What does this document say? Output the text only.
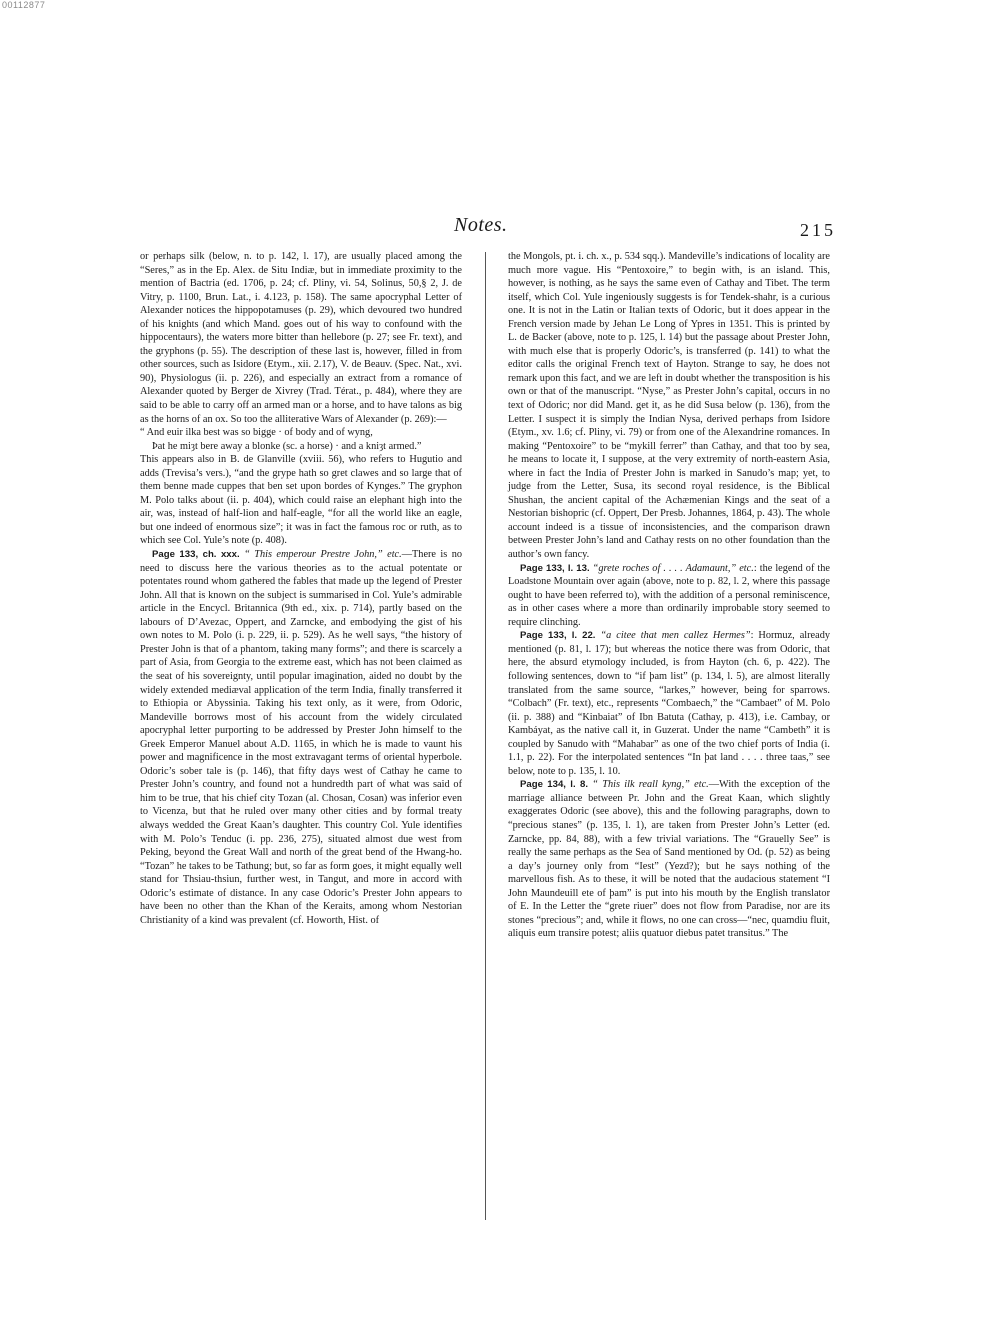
00112877
Notes.	215

or perhaps silk (below, n. to p. 142, l. 17), are usually placed among the “Seres,” as in the Ep. Alex. de Situ Indiæ, but in immediate proximity to the mention of Bactria (ed. 1706, p. 24; cf. Pliny, vi. 54, Solinus, 50,§ 2, J. de Vitry, p. 1100, Brun. Lat., i. 4.123, p. 158). The same apocryphal Letter of Alexander notices the hippopotamuses (p. 29), which devoured two hundred of his knights (and which Mand. goes out of his way to confound with the hippocentaurs), the waters more bitter than hellebore (p. 27; see Fr. text), and the gryphons (p. 55). The description of these last is, however, filled in from other sources, such as Isidore (Etym., xii. 2.17), V. de Beauv. (Spec. Nat., xvi. 90), Physiologus (ii. p. 226), and especially an extract from a romance of Alexander quoted by Berger de Xivrey (Trad. Térat., p. 484), where they are said to be able to carry off an armed man or a horse, and to have talons as big as the horns of an ox. So too the alliterative Wars of Alexander (p. 269):—

“ And euir ilka best was so bigge · of body and of wyng,
Þat he miȝt bere away a blonke (sc. a horse) · and a kniȝt armed.”

This appears also in B. de Glanville (xviii. 56), who refers to Hugutio and adds (Trevisa’s vers.), “and the grype hath so gret clawes and so large that of them benne made cuppes that ben set upon bordes of Kynges.” The gryphon M. Polo talks about (ii. p. 404), which could raise an elephant high into the air, was, instead of half-lion and half-eagle, “for all the world like an eagle, but one indeed of enormous size”; it was in fact the famous roc or ruth, as to which see Col. Yule’s note (p. 408).

Page 133, ch. xxx. “ This emperour Prestre John,” etc.—There is no need to discuss here the various theories as to the actual potentate or potentates round whom gathered the fables that made up the legend of Prester John. All that is known on the subject is summarised in Col. Yule’s admirable article in the Encycl. Britannica (9th ed., xix. p. 714), partly based on the labours of D’Avezac, Oppert, and Zarncke, and embodying the gist of his own notes to M. Polo (i. p. 229, ii. p. 529). As he well says, “the history of Prester John is that of a phantom, taking many forms”; and there is scarcely a part of Asia, from Georgia to the extreme east, which has not been claimed as the seat of his sovereignty, until popular imagination, aided no doubt by the widely extended mediæval application of the term India, finally transferred it to Ethiopia or Abyssinia. Taking his text only, as it were, from Odoric, Mandeville borrows most of his account from the widely circulated apocryphal letter purporting to be addressed by Prester John himself to the Greek Emperor Manuel about A.D. 1165, in which he is made to vaunt his power and magnificence in the most extravagant terms of oriental hyperbole. Odoric’s sober tale is (p. 146), that fifty days west of Cathay he came to Prester John’s country, and found not a hundredth part of what was said of him to be true, that his chief city Tozan (al. Chosan, Cosan) was inferior even to Vicenza, but that he ruled over many other cities and by formal treaty always wedded the Great Kaan’s daughter. This country Col. Yule identifies with M. Polo’s Tenduc (i. pp. 236, 275), situated almost due west from Peking, beyond the Great Wall and north of the great bend of the Hwang-ho. “Tozan” he takes to be Tathung; but, so far as form goes, it might equally well stand for Thsiau-thsiun, further west, in Tangut, and more in accord with Odoric’s estimate of distance. In any case Odoric’s Prester John appears to have been no other than the Khan of the Keraits, among whom Nestorian Christianity of a kind was prevalent (cf. Howorth, Hist. of

the Mongols, pt. i. ch. x., p. 534 sqq.). Mandeville’s indications of locality are much more vague. His “Pentoxoire,” to begin with, is an island. This, however, is nothing, as he says the same even of Cathay and Tibet. The term itself, which Col. Yule ingeniously suggests is for Tendek-shahr, is a curious one. It is not in the Latin or Italian texts of Odoric, but it does appear in the French version made by Jehan Le Long of Ypres in 1351. This is printed by L. de Backer (above, note to p. 125, l. 14) but the passage about Prester John, with much else that is properly Odoric’s, is transferred (p. 141) to what the editor calls the original French text of Hayton. Strange to say, he does not remark upon this fact, and we are left in doubt whether the transposition is his own or that of the manuscript. “Nyse,” as Prester John’s capital, occurs in no text of Odoric; nor did Mand. get it, as he did Susa below (p. 136), from the Letter. I suspect it is simply the Indian Nysa, derived perhaps from Isidore (Etym., xv. 1.6; cf. Pliny, vi. 79) or from one of the Alexandrine romances. In making “Pentoxoire” to be “mykill ferrer” than Cathay, and that too by sea, he means to locate it, I suppose, at the very extremity of north-eastern Asia, where in fact the India of Prester John is marked in Sanudo’s map; yet, to judge from the Letter, Susa, its second royal residence, is the Biblical Shushan, the ancient capital of the Achæmenian Kings and the seat of a Nestorian bishopric (cf. Oppert, Der Presb. Johannes, 1864, p. 43). The whole account indeed is a tissue of inconsistencies, and the comparison drawn between Prester John’s land and Cathay rests on no other foundation than the author’s own fancy.

Page 133, l. 13. “grete roches of . . . . Adamaunt,” etc.: the legend of the Loadstone Mountain over again (above, note to p. 82, l. 2, where this passage ought to have been referred to), with the addition of a personal reminiscence, as in other cases where a more than ordinarily improbable story seemed to require clinching.

Page 133, l. 22. “a citee that men callez Hermes”: Hormuz, already mentioned (p. 81, l. 17); but whereas the notice there was from Odoric, that here, the absurd etymology included, is from Hayton (ch. 6, p. 422). The following sentences, down to “if þam list” (p. 134, l. 5), are almost literally translated from the same source, “larkes,” however, being for sparrows. “Colbach” (Fr. text), etc., represents “Combaech,” the “Cambaet” of M. Polo (ii. p. 388) and “Kinbaiat” of Ibn Batuta (Cathay, p. 413), i.e. Cambay, or Kambáyat, as the native call it, in Guzerat. Under the name “Cambeth” it is coupled by Sanudo with “Mahabar” as one of the two chief ports of India (i. 1.1, p. 22). For the interpolated sentences “In þat land . . . . three taas,” see below, note to p. 135, l. 10.

Page 134, l. 8. “ This ilk reall kyng,” etc.—With the exception of the marriage alliance between Pr. John and the Great Kaan, which slightly exaggerates Odoric (see above), this and the following paragraphs, down to “precious stanes” (p. 135, l. 1), are taken from Prester John’s Letter (ed. Zarncke, pp. 84, 88), with a few trivial variations. The “Grauelly See” is really the same perhaps as the Sea of Sand mentioned by Od. (p. 52) as being a day’s journey only from “Iest” (Yezd?); but he says nothing of the marvellous fish. As to these, it will be noted that the audacious statement “I John Maundeuill ete of þam” is put into his mouth by the English translator of E. In the Letter the “grete riuer” does not flow from Paradise, nor are its stones “precious”; and, while it flows, no one can cross—“nec, quamdiu fluit, aliquis eum transire potest; aliis quatuor diebus patet transitus.” The
